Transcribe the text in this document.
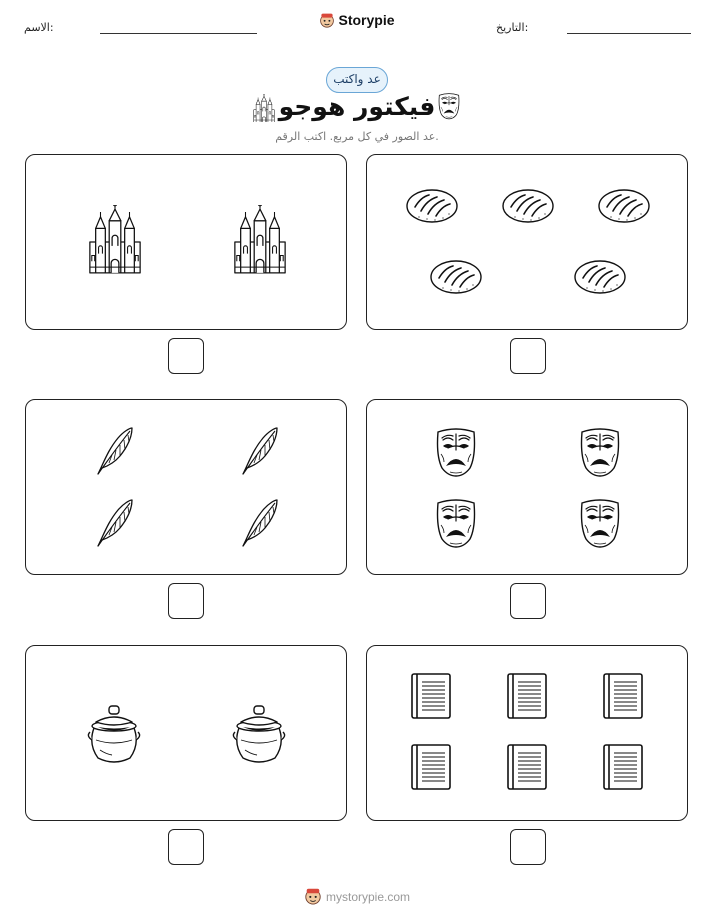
الاسم:	Storypie	التاريخ:
عد واكتب
فيكتور هوجو
عد الصور في كل مربع. اكتب الرقم.
mystorypie.com
